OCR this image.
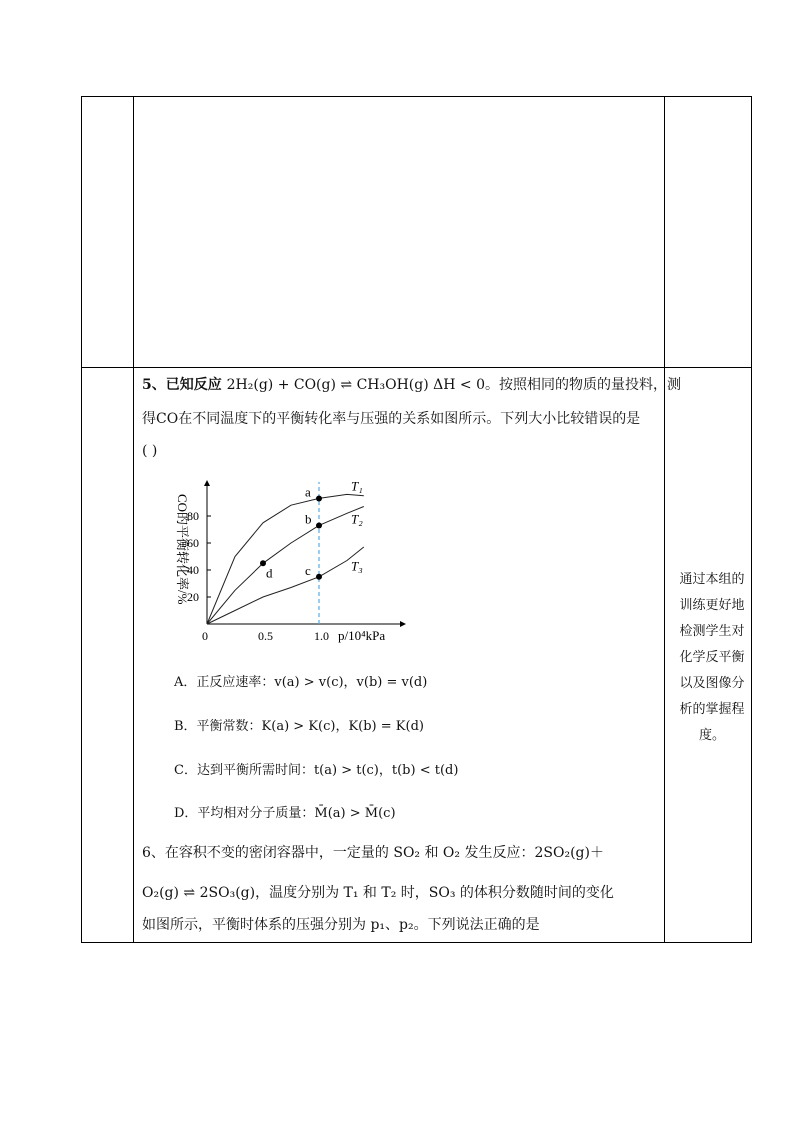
5、已知反应 2H₂(g) + CO(g) ⇌ CH₃OH(g) ΔH < 0。按照相同的物质的量投料，测
得CO在不同温度下的平衡转化率与压强的关系如图所示。下列大小比较错误的是
( )
A．正反应速率：v(a) > v(c)，v(b) = v(d)
B．平衡常数：K(a) > K(c)，K(b) = K(d)
C．达到平衡所需时间：t(a) > t(c)，t(b) < t(d)
D．平均相对分子质量：M̄(a) > M̄(c)
6、在容积不变的密闭容器中，一定量的 SO₂ 和 O₂ 发生反应：2SO₂(g)＋
O₂(g) ⇌ 2SO₃(g)，温度分别为 T₁ 和 T₂ 时，SO₃ 的体积分数随时间的变化
如图所示，平衡时体系的压强分别为 p₁、p₂。下列说法正确的是
通过本组的训练更好地检测学生对化学反平衡以及图像分析的掌握程度。
T₁
T₂
T₃
a
b
c
d
0	0.5	1.0
20
40
60
80
CO的平衡转化率/%
p/10⁴kPa
